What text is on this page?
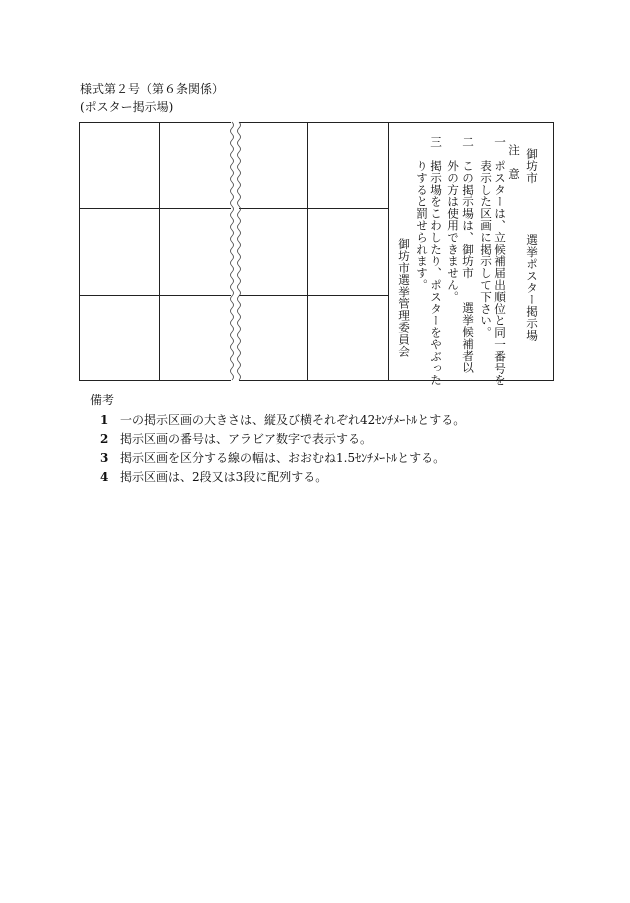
様式第２号（第６条関係）
(ポスター掲示場)
御坊市
選挙ポスター掲示場
注　意
一　ポスターは、立候補届出順位と同一番号を
　　表示した区画に掲示して下さい。
二　この掲示場は、御坊市
選挙候補者以
　　外の方は使用できません。
三　掲示場をこわしたり、ポスターをやぶった
　　りすると罰せられます。
御坊市選挙管理委員会
備考
1 一の掲示区画の大きさは、縦及び横それぞれ42ｾﾝﾁﾒｰﾄﾙとする。
2 掲示区画の番号は、アラビア数字で表示する。
3 掲示区画を区分する線の幅は、おおむね1.5ｾﾝﾁﾒｰﾄﾙとする。
4 掲示区画は、2段又は3段に配列する。
